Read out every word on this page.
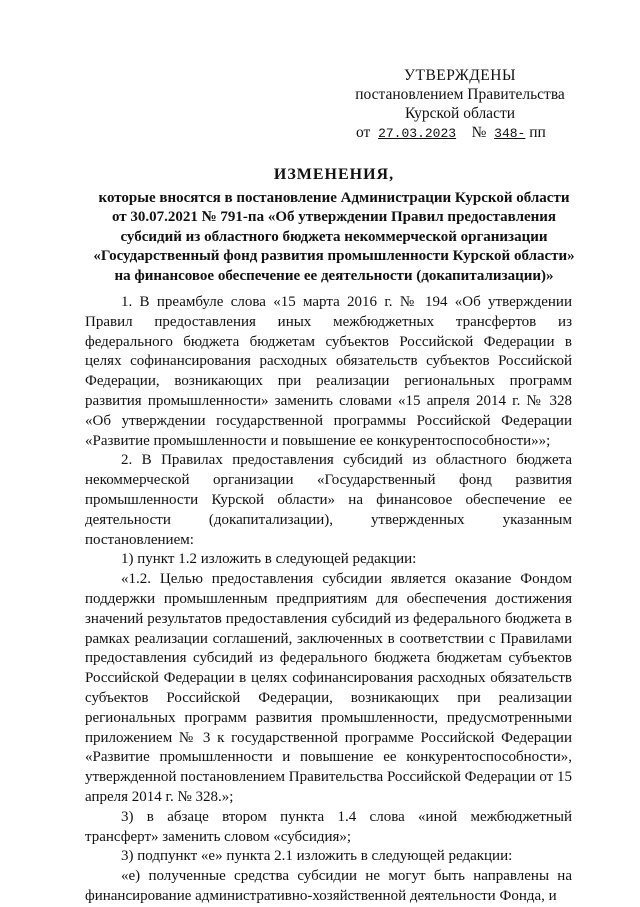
УТВЕРЖДЕНЫ
постановлением Правительства
Курской области
от 27.03.2023 № 348- пп
ИЗМЕНЕНИЯ,
которые вносятся в постановление Администрации Курской области
от 30.07.2021 № 791-па «Об утверждении Правил предоставления
субсидий из областного бюджета некоммерческой организации
«Государственный фонд развития промышленности Курской области»
на финансовое обеспечение ее деятельности (докапитализации)»

1. В преамбуле слова «15 марта 2016 г. № 194 «Об утверждении Правил предоставления иных межбюджетных трансфертов из федерального бюджета бюджетам субъектов Российской Федерации в целях софинансирования расходных обязательств субъектов Российской Федерации, возникающих при реализации региональных программ развития промышленности» заменить словами «15 апреля 2014 г. № 328 «Об утверждении государственной программы Российской Федерации «Развитие промышленности и повышение ее конкурентоспособности»»;

2. В Правилах предоставления субсидий из областного бюджета некоммерческой организации «Государственный фонд развития промышленности Курской области» на финансовое обеспечение ее деятельности (докапитализации), утвержденных указанным постановлением:

1) пункт 1.2 изложить в следующей редакции:

«1.2. Целью предоставления субсидии является оказание Фондом поддержки промышленным предприятиям для обеспечения достижения значений результатов предоставления субсидий из федерального бюджета в рамках реализации соглашений, заключенных в соответствии с Правилами предоставления субсидий из федерального бюджета бюджетам субъектов Российской Федерации в целях софинансирования расходных обязательств субъектов Российской Федерации, возникающих при реализации региональных программ развития промышленности, предусмотренными приложением № 3 к государственной программе Российской Федерации «Развитие промышленности и повышение ее конкурентоспособности», утвержденной постановлением Правительства Российской Федерации от 15 апреля 2014 г. № 328.»;

3) в абзаце втором пункта 1.4 слова «иной межбюджетный трансферт» заменить словом «субсидия»;

3) подпункт «е» пункта 2.1 изложить в следующей редакции:

«е) полученные средства субсидии не могут быть направлены на финансирование административно-хозяйственной деятельности Фонда, и
